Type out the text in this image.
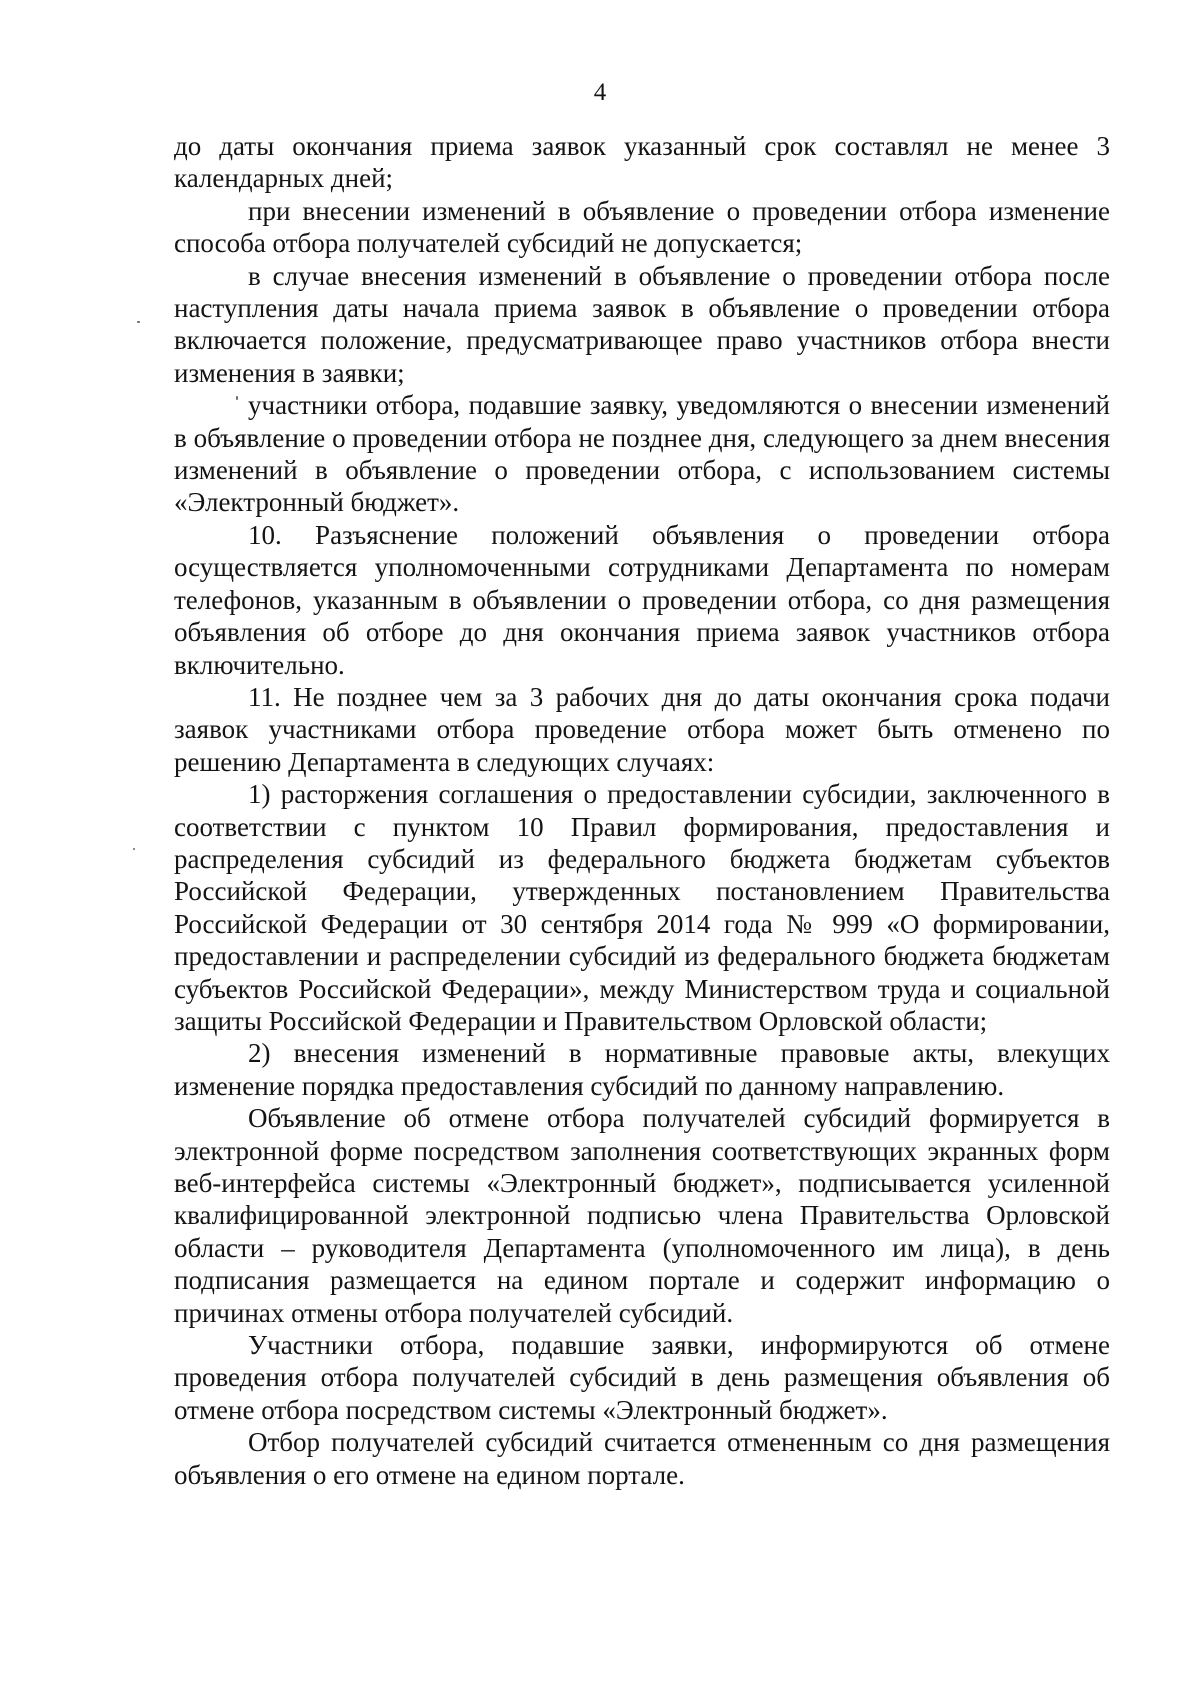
4

до даты окончания приема заявок указанный срок составлял не менее 3 календарных дней;

при внесении изменений в объявление о проведении отбора изменение способа отбора получателей субсидий не допускается;

в случае внесения изменений в объявление о проведении отбора после наступления даты начала приема заявок в объявление о проведении отбора включается положение, предусматривающее право участников отбора внести изменения в заявки;

участники отбора, подавшие заявку, уведомляются о внесении изменений в объявление о проведении отбора не позднее дня, следующего за днем внесения изменений в объявление о проведении отбора, с использованием системы «Электронный бюджет».

10. Разъяснение положений объявления о проведении отбора осуществляется уполномоченными сотрудниками Департамента по номерам телефонов, указанным в объявлении о проведении отбора, со дня размещения объявления об отборе до дня окончания приема заявок участников отбора включительно.

11. Не позднее чем за 3 рабочих дня до даты окончания срока подачи заявок участниками отбора проведение отбора может быть отменено по решению Департамента в следующих случаях:

1) расторжения соглашения о предоставлении субсидии, заключенного в соответствии с пунктом 10 Правил формирования, предоставления и распределения субсидий из федерального бюджета бюджетам субъектов Российской Федерации, утвержденных постановлением Правительства Российской Федерации от 30 сентября 2014 года № 999 «О формировании, предоставлении и распределении субсидий из федерального бюджета бюджетам субъектов Российской Федерации», между Министерством труда и социальной защиты Российской Федерации и Правительством Орловской области;

2) внесения изменений в нормативные правовые акты, влекущих изменение порядка предоставления субсидий по данному направлению.

Объявление об отмене отбора получателей субсидий формируется в электронной форме посредством заполнения соответствующих экранных форм веб-интерфейса системы «Электронный бюджет», подписывается усиленной квалифицированной электронной подписью члена Правительства Орловской области – руководителя Департамента (уполномоченного им лица), в день подписания размещается на едином портале и содержит информацию о причинах отмены отбора получателей субсидий.

Участники отбора, подавшие заявки, информируются об отмене проведения отбора получателей субсидий в день размещения объявления об отмене отбора посредством системы «Электронный бюджет».

Отбор получателей субсидий считается отмененным со дня размещения объявления о его отмене на едином портале.
